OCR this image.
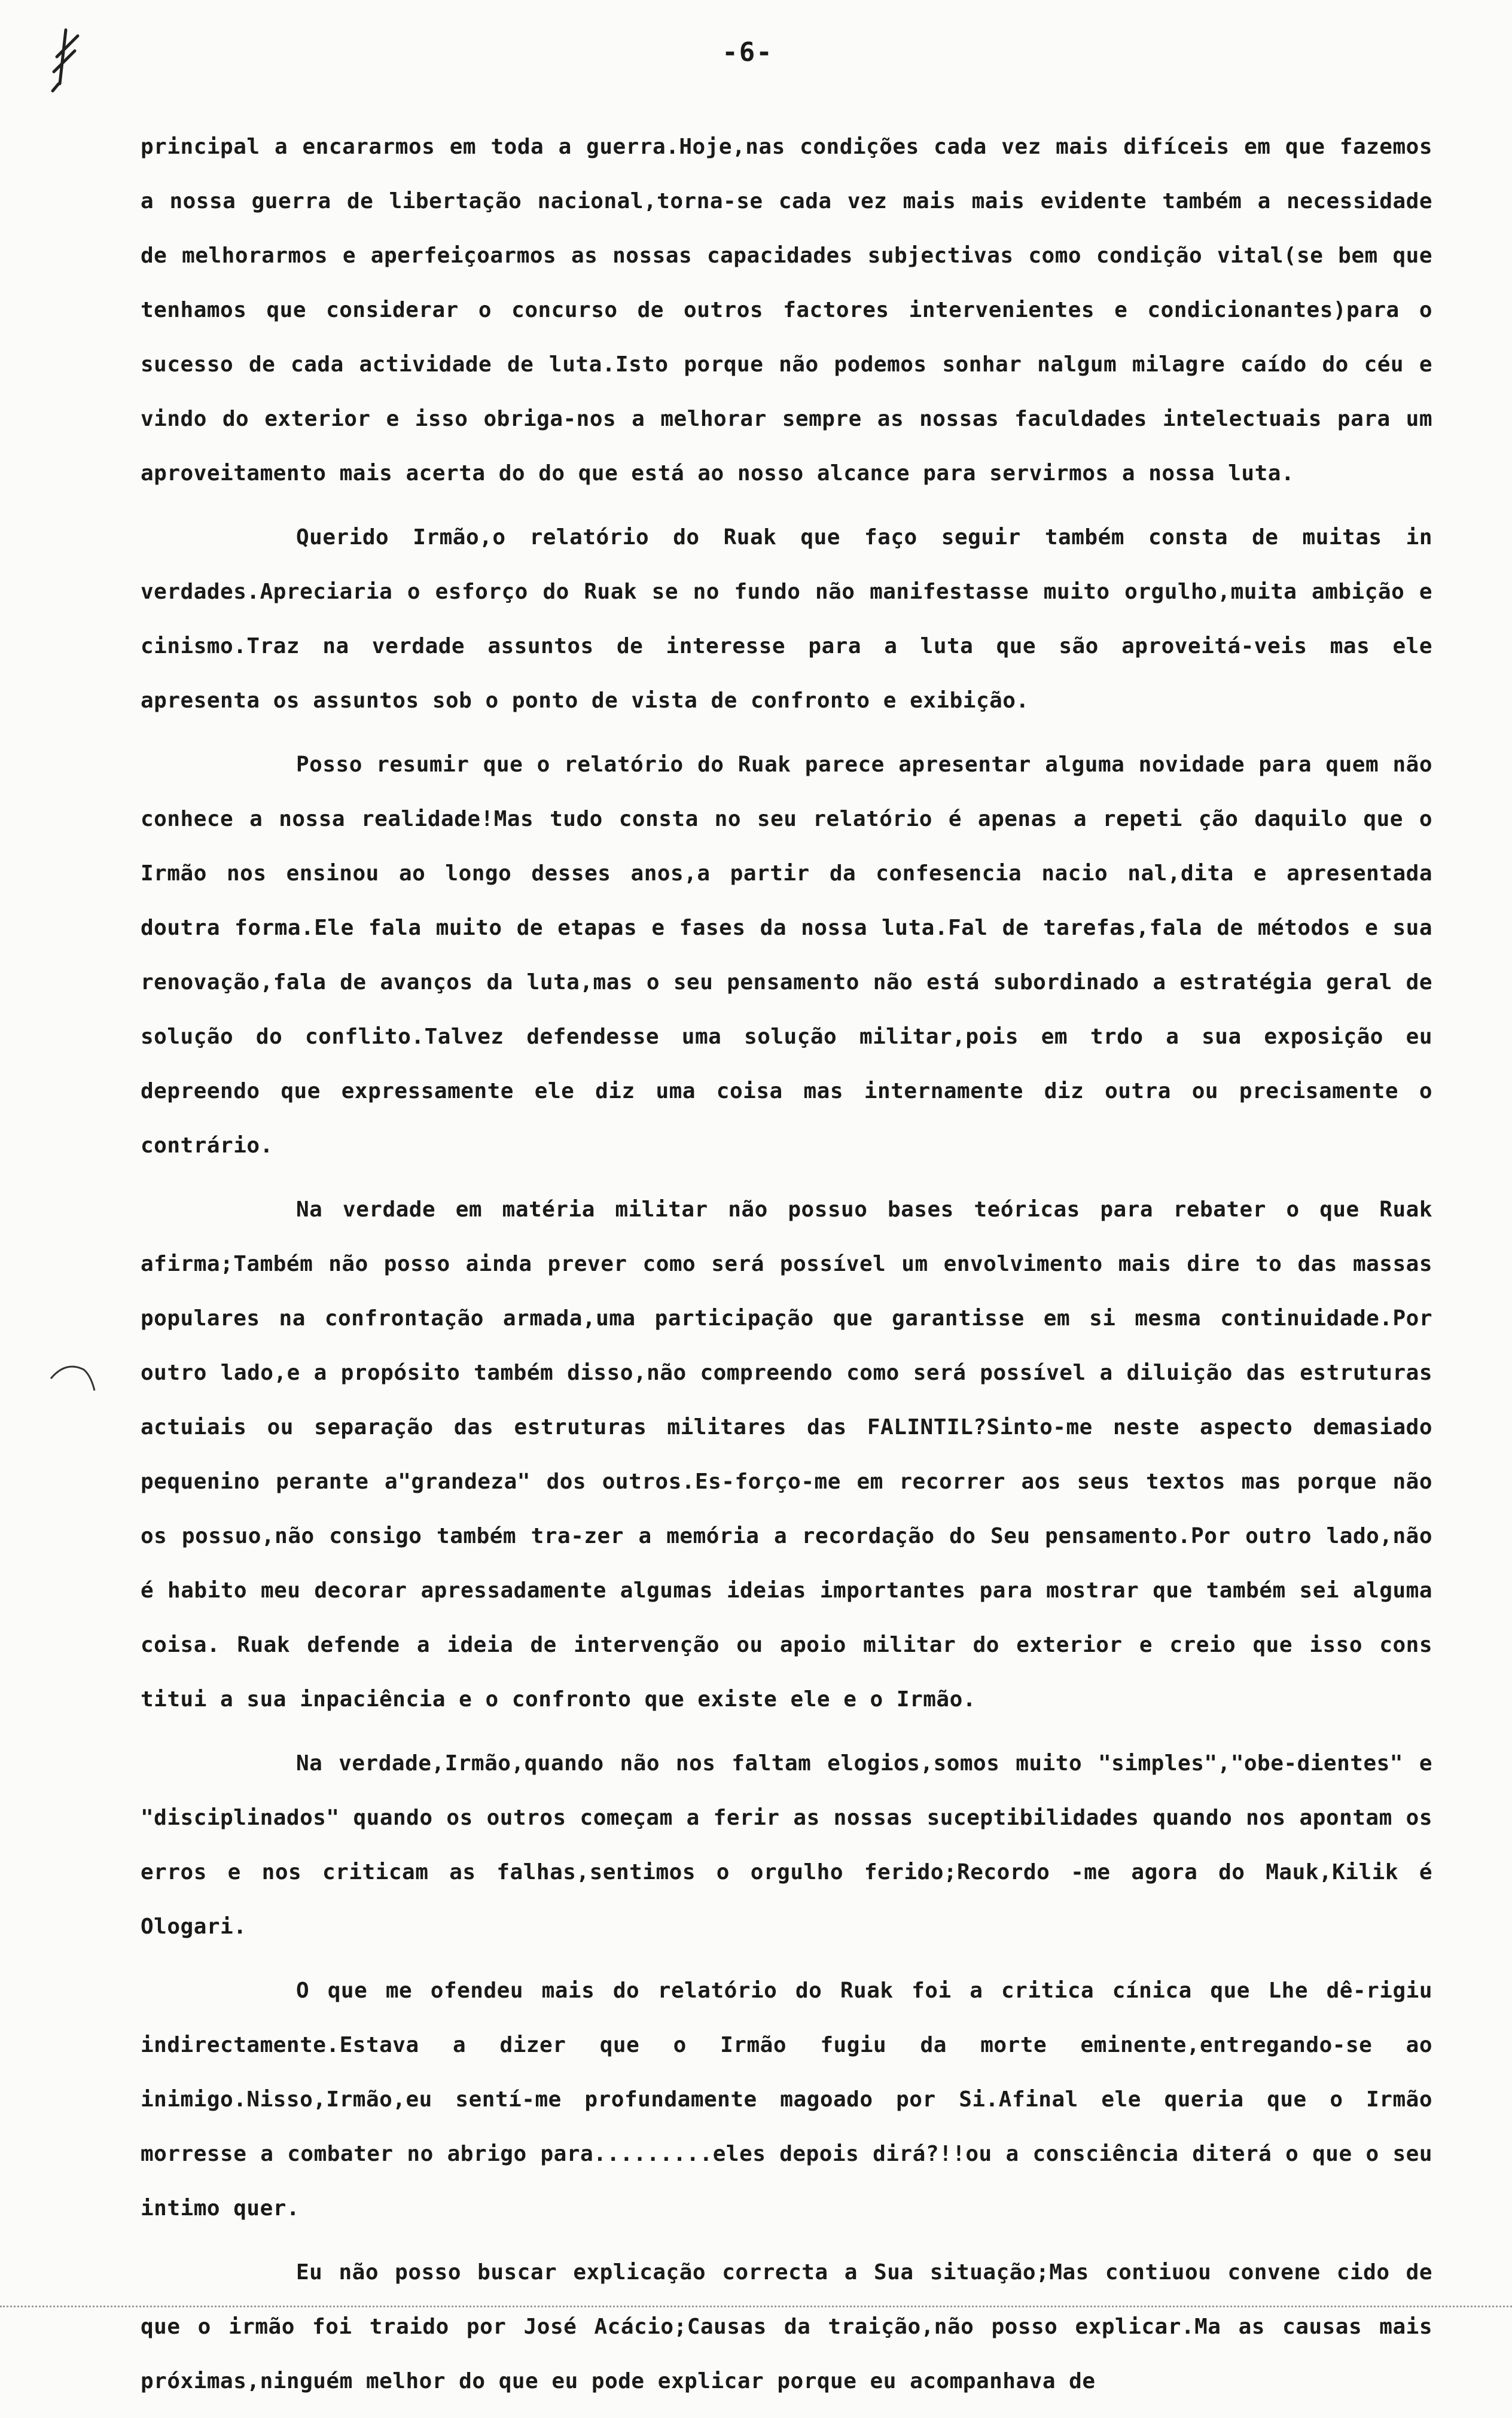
-6-

principal a encararmos em toda a guerra.Hoje,nas condições cada vez mais difíceis em que fazemos a nossa guerra de libertação nacional,torna-se cada vez mais mais evidente também a necessidade de melhorarmos e aperfeiçoarmos as nossas capacidades subjectivas como condição vital(se bem que tenhamos que considerar o concurso de outros factores intervenientes e condicionantes)para o sucesso de cada actividade de luta.Isto porque não podemos sonhar nalgum milagre caído do céu e vindo do exterior e isso obriga-nos a melhorar sempre as nossas faculdades intelectuais para um aproveitamento mais acerta do do que está ao nosso alcance para servirmos a nossa luta.

Querido Irmão,o relatório do Ruak que faço seguir também consta de muitas in verdades.Apreciaria o esforço do Ruak se no fundo não manifestasse muito orgulho,muita ambição e cinismo.Traz na verdade assuntos de interesse para a luta que são aproveitá-veis mas ele apresenta os assuntos sob o ponto de vista de confronto e exibição.

Posso resumir que o relatório do Ruak parece apresentar alguma novidade para quem não conhece a nossa realidade!Mas tudo consta no seu relatório é apenas a repeti ção daquilo que o Irmão nos ensinou ao longo desses anos,a partir da confesencia nacio nal,dita e apresentada doutra forma.Ele fala muito de etapas e fases da nossa luta.Fal de tarefas,fala de métodos e sua renovação,fala de avanços da luta,mas o seu pensamento não está subordinado a estratégia geral de solução do conflito.Talvez defendesse uma solução militar,pois em trdo a sua exposição eu depreendo que expressamente ele diz uma coisa mas internamente diz outra ou precisamente o contrário.

Na verdade em matéria militar não possuo bases teóricas para rebater o que Ruak afirma;Também não posso ainda prever como será possível um envolvimento mais dire to das massas populares na confrontação armada,uma participação que garantisse em si mesma continuidade.Por outro lado,e a propósito também disso,não compreendo como será possível a diluição das estruturas actuiais ou separação das estruturas militares das FALINTIL?Sinto-me neste aspecto demasiado pequenino perante a"grandeza" dos outros.Es-forço-me em recorrer aos seus textos mas porque não os possuo,não consigo também tra-zer a memória a recordação do Seu pensamento.Por outro lado,não é habito meu decorar apressadamente algumas ideias importantes para mostrar que também sei alguma coisa. Ruak defende a ideia de intervenção ou apoio militar do exterior e creio que isso cons titui a sua inpaciência e o confronto que existe ele e o Irmão.

Na verdade,Irmão,quando não nos faltam elogios,somos muito "simples","obe-dientes" e "disciplinados" quando os outros começam a ferir as nossas suceptibilidades quando nos apontam os erros e nos criticam as falhas,sentimos o orgulho ferido;Recordo -me agora do Mauk,Kilik é Ologari.

O que me ofendeu mais do relatório do Ruak foi a critica cínica que Lhe dê-rigiu indirectamente.Estava a dizer que o Irmão fugiu da morte eminente,entregando-se ao inimigo.Nisso,Irmão,eu sentí-me profundamente magoado por Si.Afinal ele queria que o Irmão morresse a combater no abrigo para.........eles depois dirá?!!ou a consciência diterá o que o seu intimo quer.

Eu não posso buscar explicação correcta a Sua situação;Mas contiuou convene cido de que o irmão foi traido por José Acácio;Causas da traição,não posso explicar.Ma as causas mais próximas,ninguém melhor do que eu pode explicar porque eu acompanhava de
